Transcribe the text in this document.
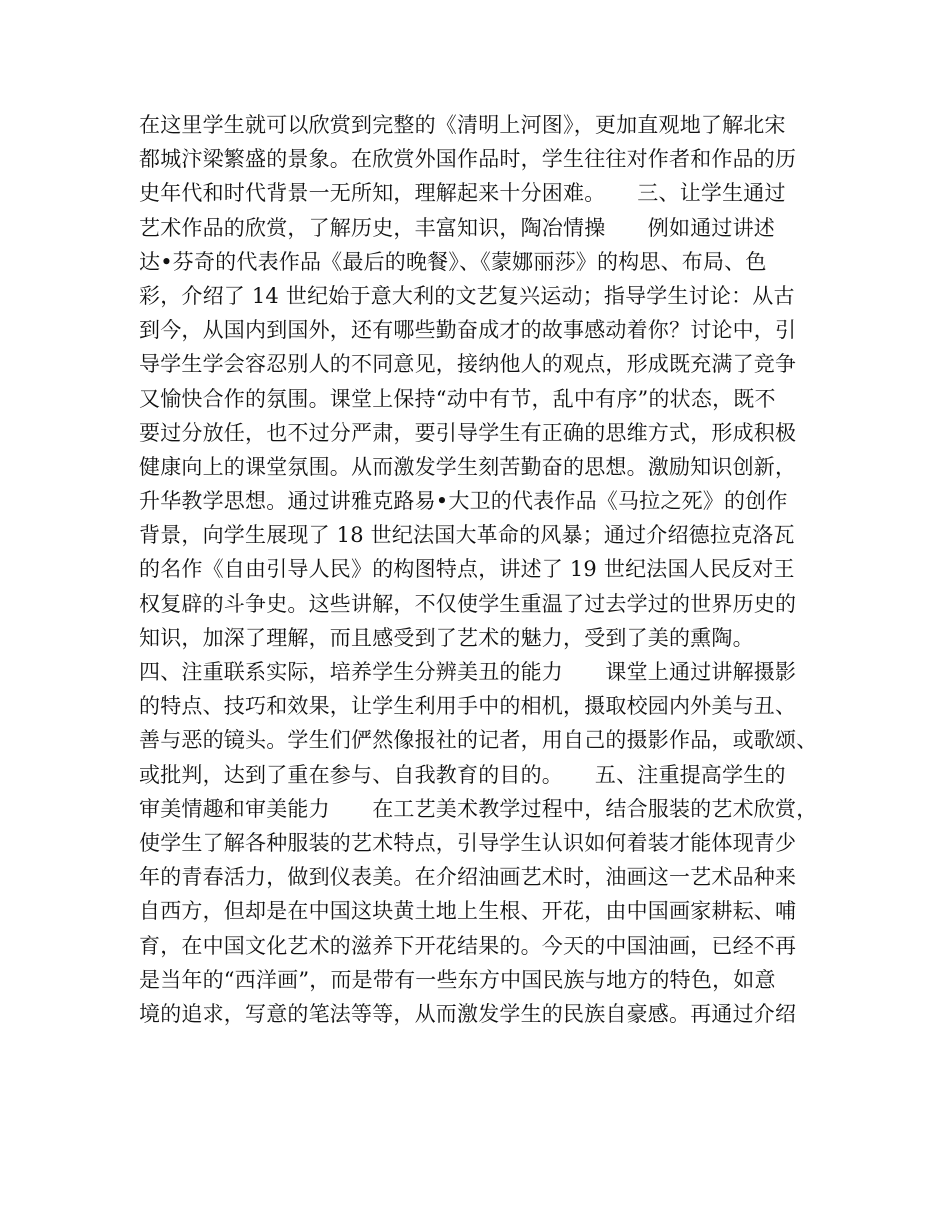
在这里学生就可以欣赏到完整的《清明上河图》，更加直观地了解北宋
都城汴梁繁盛的景象。在欣赏外国作品时，学生往往对作者和作品的历
史年代和时代背景一无所知，理解起来十分困难。　　三、让学生通过
艺术作品的欣赏，了解历史，丰富知识，陶冶情操　　例如通过讲述
达•芬奇的代表作品《最后的晚餐》、《蒙娜丽莎》的构思、布局、色
彩，介绍了 14 世纪始于意大利的文艺复兴运动；指导学生讨论：从古
到今，从国内到国外，还有哪些勤奋成才的故事感动着你？讨论中，引
导学生学会容忍别人的不同意见，接纳他人的观点，形成既充满了竞争
又愉快合作的氛围。课堂上保持“动中有节，乱中有序”的状态，既不
要过分放任，也不过分严肃，要引导学生有正确的思维方式，形成积极
健康向上的课堂氛围。从而激发学生刻苦勤奋的思想。激励知识创新，
升华教学思想。通过讲雅克路易•大卫的代表作品《马拉之死》的创作
背景，向学生展现了 18 世纪法国大革命的风暴；通过介绍德拉克洛瓦
的名作《自由引导人民》的构图特点，讲述了 19 世纪法国人民反对王
权复辟的斗争史。这些讲解，不仅使学生重温了过去学过的世界历史的
知识，加深了理解，而且感受到了艺术的魅力，受到了美的熏陶。
四、注重联系实际，培养学生分辨美丑的能力　　课堂上通过讲解摄影
的特点、技巧和效果，让学生利用手中的相机，摄取校园内外美与丑、
善与恶的镜头。学生们俨然像报社的记者，用自己的摄影作品，或歌颂、
或批判，达到了重在参与、自我教育的目的。　　五、注重提高学生的
审美情趣和审美能力　　在工艺美术教学过程中，结合服装的艺术欣赏，
使学生了解各种服装的艺术特点，引导学生认识如何着装才能体现青少
年的青春活力，做到仪表美。在介绍油画艺术时，油画这一艺术品种来
自西方，但却是在中国这块黄土地上生根、开花，由中国画家耕耘、哺
育，在中国文化艺术的滋养下开花结果的。今天的中国油画，已经不再
是当年的“西洋画”，而是带有一些东方中国民族与地方的特色，如意
境的追求，写意的笔法等等，从而激发学生的民族自豪感。再通过介绍
